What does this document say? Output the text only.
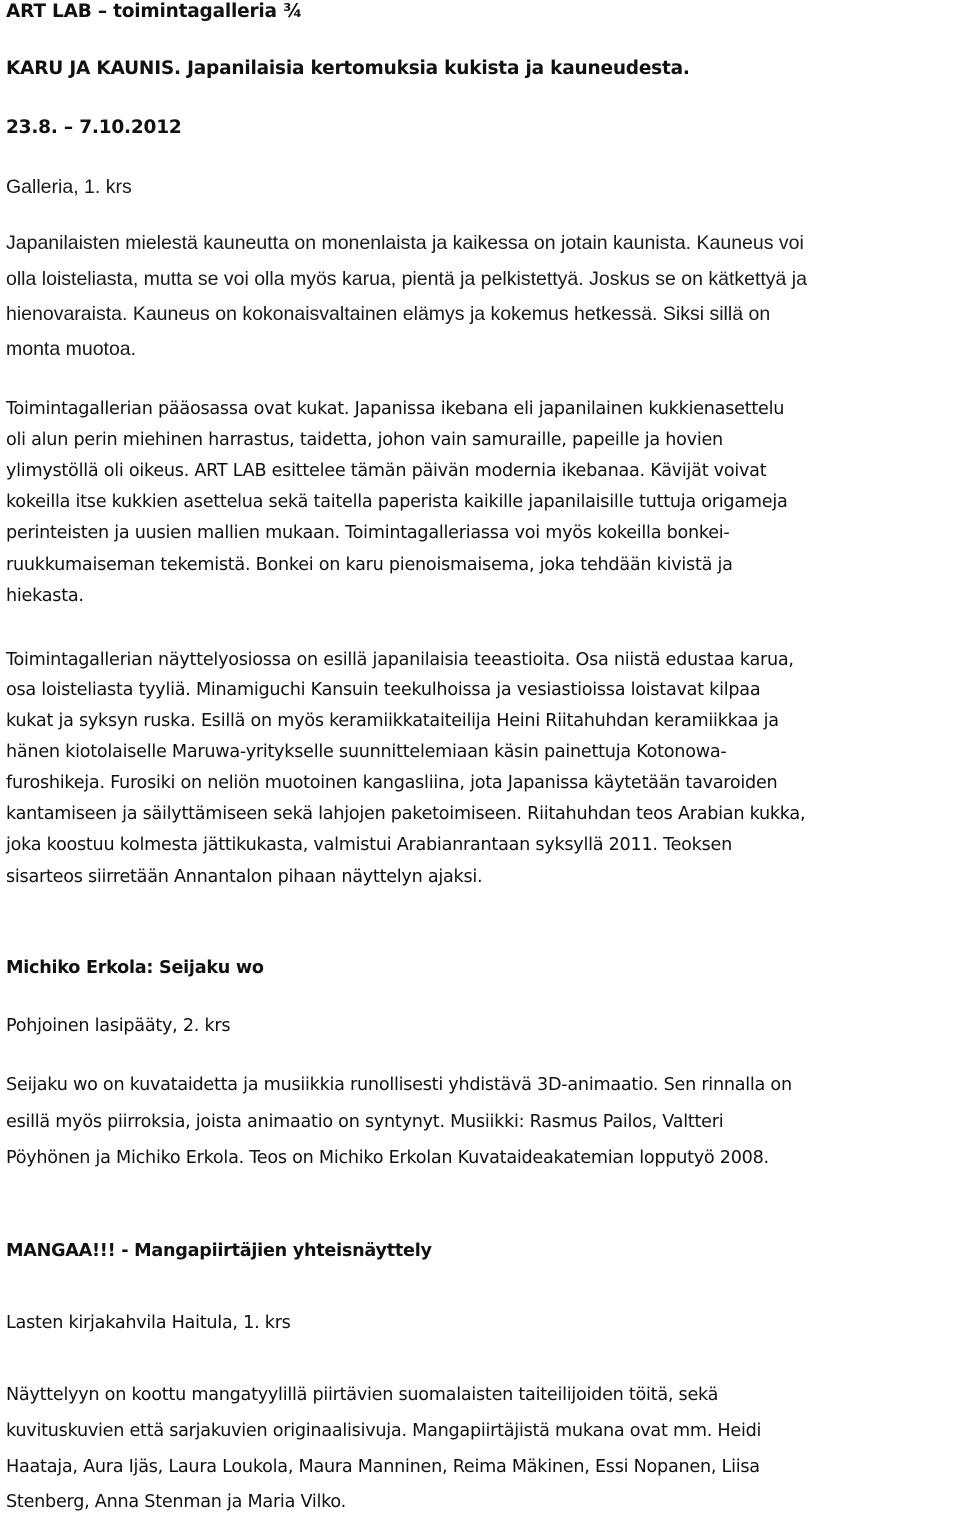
ART LAB – toimintagalleria ¾
KARU JA KAUNIS. Japanilaisia kertomuksia kukista ja kauneudesta.
23.8. – 7.10.2012
Galleria, 1. krs
Japanilaisten mielestä kauneutta on monenlaista ja kaikessa on jotain kaunista. Kauneus voi
olla loisteliasta, mutta se voi olla myös karua, pientä ja pelkistettyä. Joskus se on kätkettyä ja
hienovaraista. Kauneus on kokonaisvaltainen elämys ja kokemus hetkessä. Siksi sillä on
monta muotoa.
Toimintagallerian pääosassa ovat kukat. Japanissa ikebana eli japanilainen kukkienasettelu
oli alun perin miehinen harrastus, taidetta, johon vain samuraille, papeille ja hovien
ylimystöllä oli oikeus. ART LAB esittelee tämän päivän modernia ikebanaa. Kävijät voivat
kokeilla itse kukkien asettelua sekä taitella paperista kaikille japanilaisille tuttuja origameja
perinteisten ja uusien mallien mukaan. Toimintagalleriassa voi myös kokeilla bonkei-
ruukkumaiseman tekemistä. Bonkei on karu pienoismaisema, joka tehdään kivistä ja
hiekasta.
Toimintagallerian näyttelyosiossa on esillä japanilaisia teeastioita. Osa niistä edustaa karua,
osa loisteliasta tyyliä. Minamiguchi Kansuin teekulhoissa ja vesiastioissa loistavat kilpaa
kukat ja syksyn ruska. Esillä on myös keramiikkataiteilija Heini Riitahuhdan keramiikkaa ja
hänen kiotolaiselle Maruwa-yritykselle suunnittelemiaan käsin painettuja Kotonowa-
furoshikeja. Furosiki on neliön muotoinen kangasliina, jota Japanissa käytetään tavaroiden
kantamiseen ja säilyttämiseen sekä lahjojen paketoimiseen. Riitahuhdan teos Arabian kukka,
joka koostuu kolmesta jättikukasta, valmistui Arabianrantaan syksyllä 2011. Teoksen
sisarteos siirretään Annantalon pihaan näyttelyn ajaksi.
Michiko Erkola: Seijaku wo
Pohjoinen lasipääty, 2. krs
Seijaku wo on kuvataidetta ja musiikkia runollisesti yhdistävä 3D-animaatio. Sen rinnalla on
esillä myös piirroksia, joista animaatio on syntynyt. Musiikki: Rasmus Pailos, Valtteri
Pöyhönen ja Michiko Erkola. Teos on Michiko Erkolan Kuvataideakatemian lopputyö 2008.
MANGAA!!! - Mangapiirtäjien yhteisnäyttely
Lasten kirjakahvila Haitula, 1. krs
Näyttelyyn on koottu mangatyylillä piirtävien suomalaisten taiteilijoiden töitä, sekä
kuvituskuvien että sarjakuvien originaalisivuja. Mangapiirtäjistä mukana ovat mm. Heidi
Haataja, Aura Ijäs, Laura Loukola, Maura Manninen, Reima Mäkinen, Essi Nopanen, Liisa
Stenberg, Anna Stenman ja Maria Vilko.
